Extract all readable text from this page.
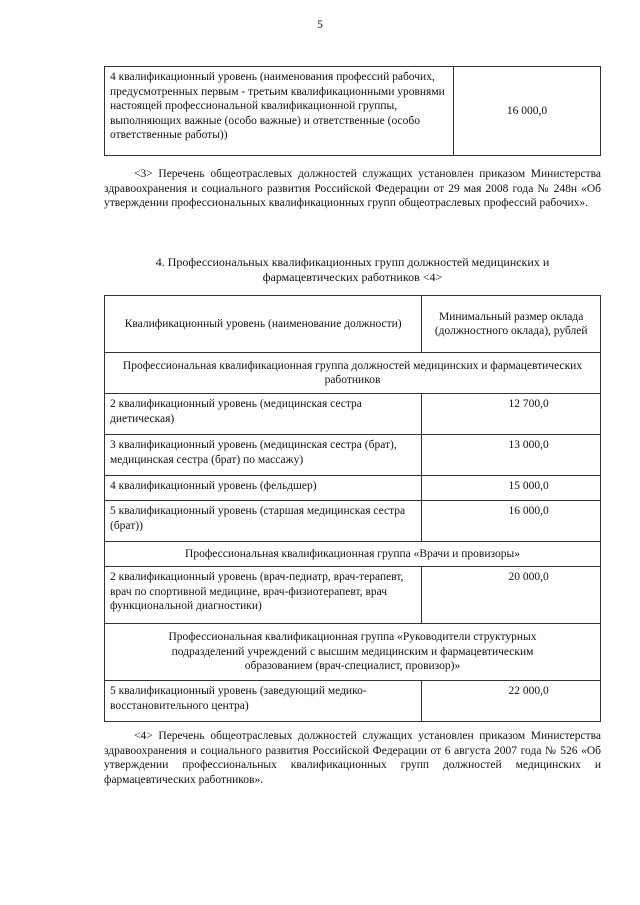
5
4 квалификационный уровень (наименования профессий рабочих, предусмотренных первым - третьим квалификационными уровнями настоящей профессиональной квалификационной группы, выполняющих важные (особо важные) и ответственные (особо ответственные работы))	16 000,0

<3> Перечень общеотраслевых должностей служащих установлен приказом Министерства здравоохранения и социального развития Российской Федерации от 29 мая 2008 года № 248н «Об утверждении профессиональных квалификационных групп общеотраслевых профессий рабочих».

4. Профессиональных квалификационных групп должностей медицинских и
фармацевтических работников <4>
Квалификационный уровень (наименование должности)	Минимальный размер оклада (должностного оклада), рублей
Профессиональная квалификационная группа должностей медицинских и фармацевтических работников	
2 квалификационный уровень (медицинская сестра диетическая)	12 700,0
3 квалификационный уровень (медицинская сестра (брат), медицинская сестра (брат) по массажу)	13 000,0
4 квалификационный уровень (фельдшер)	15 000,0
5 квалификационный уровень (старшая медицинская сестра (брат))	16 000,0
Профессиональная квалификационная группа «Врачи и провизоры»	
2 квалификационный уровень (врач-педиатр, врач-терапевт, врач по спортивной медицине, врач-физиотерапевт, врач функциональной диагностики)	20 000,0
Профессиональная квалификационная группа «Руководители структурных подразделений учреждений с высшим медицинским и фармацевтическим образованием (врач-специалист, провизор)»	
5 квалификационный уровень (заведующий медико-восстановительного центра)	22 000,0

<4> Перечень общеотраслевых должностей служащих установлен приказом Министерства здравоохранения и социального развития Российской Федерации от 6 августа 2007 года № 526 «Об утверждении профессиональных квалификационных групп должностей медицинских и фармацевтических работников».
